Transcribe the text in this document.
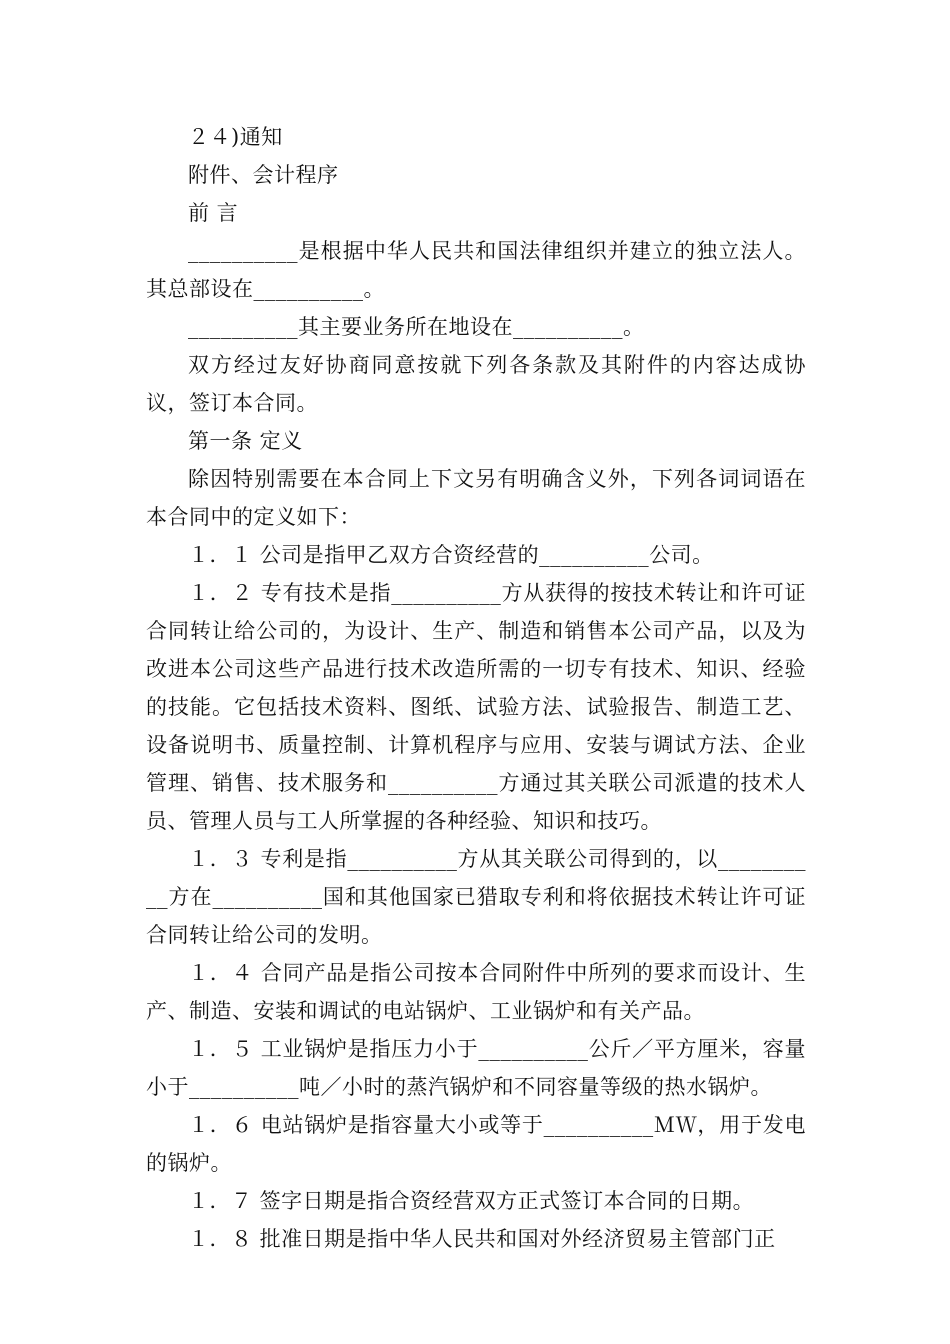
２４)通知

附件、会计程序

前 言

__________是根据中华人民共和国法律组织并建立的独立法人。其总部设在__________。

__________其主要业务所在地设在__________。

双方经过友好协商同意按就下列各条款及其附件的内容达成协议，签订本合同。

第一条 定义

除因特别需要在本合同上下文另有明确含义外，下列各词词语在本合同中的定义如下：

１．１ 公司是指甲乙双方合资经营的__________公司。

１．２ 专有技术是指__________方从获得的按技术转让和许可证合同转让给公司的，为设计、生产、制造和销售本公司产品，以及为改进本公司这些产品进行技术改造所需的一切专有技术、知识、经验的技能。它包括技术资料、图纸、试验方法、试验报告、制造工艺、设备说明书、质量控制、计算机程序与应用、安装与调试方法、企业管理、销售、技术服务和__________方通过其关联公司派遣的技术人员、管理人员与工人所掌握的各种经验、知识和技巧。

１．３ 专利是指__________方从其关联公司得到的，以__________方在__________国和其他国家已猎取专利和将依据技术转让许可证合同转让给公司的发明。

１．４ 合同产品是指公司按本合同附件中所列的要求而设计、生产、制造、安装和调试的电站锅炉、工业锅炉和有关产品。

１．５ 工业锅炉是指压力小于__________公斤／平方厘米，容量小于__________吨／小时的蒸汽锅炉和不同容量等级的热水锅炉。

１．６ 电站锅炉是指容量大小或等于__________ＭＷ，用于发电的锅炉。

１．７ 签字日期是指合资经营双方正式签订本合同的日期。

１．８ 批准日期是指中华人民共和国对外经济贸易主管部门正
